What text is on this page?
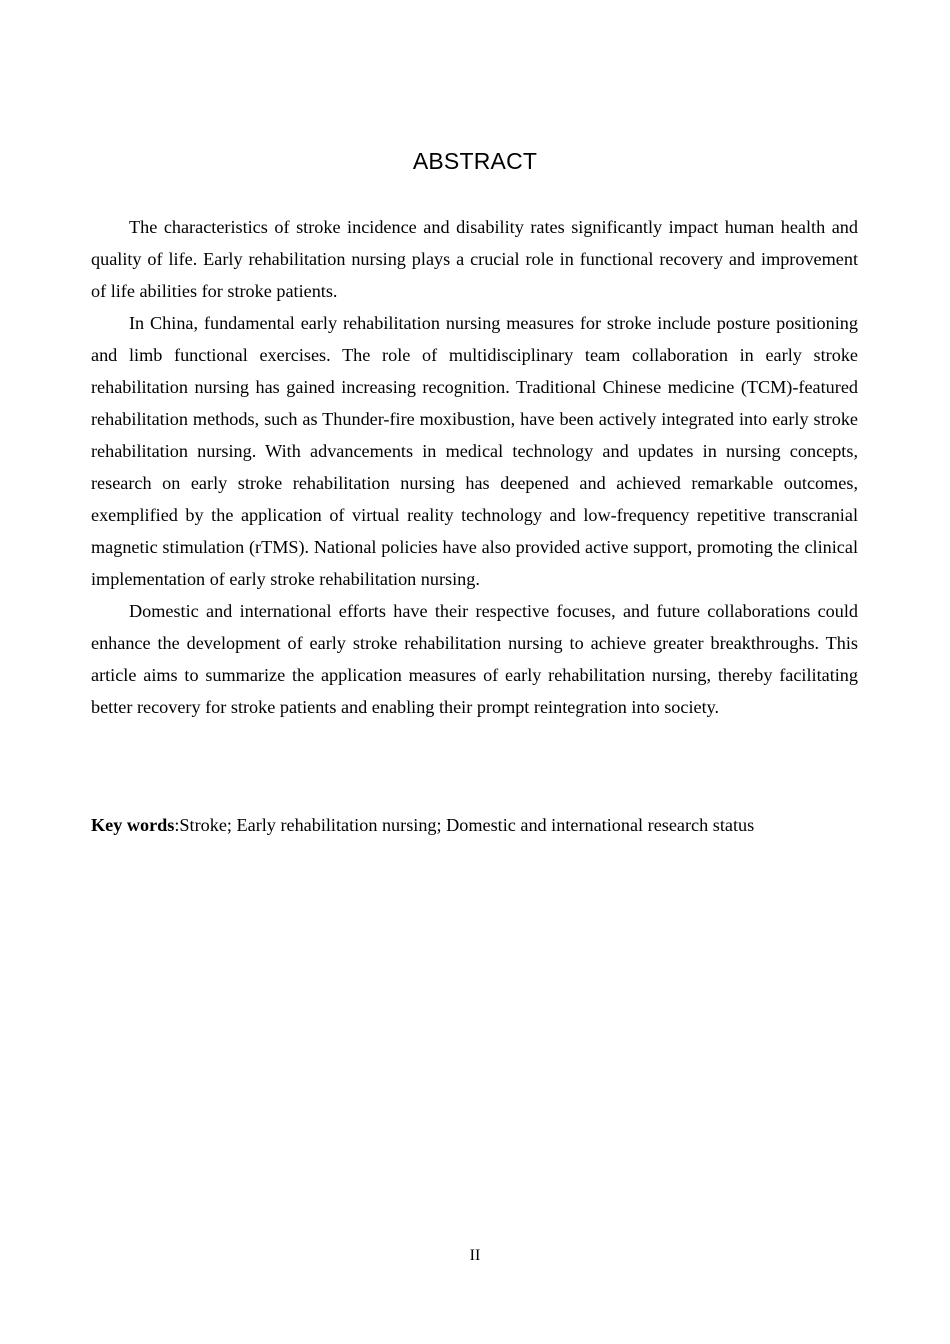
ABSTRACT

The characteristics of stroke incidence and disability rates significantly impact human health and quality of life. Early rehabilitation nursing plays a crucial role in functional recovery and improvement of life abilities for stroke patients.

In China, fundamental early rehabilitation nursing measures for stroke include posture positioning and limb functional exercises. The role of multidisciplinary team collaboration in early stroke rehabilitation nursing has gained increasing recognition. Traditional Chinese medicine (TCM)-featured rehabilitation methods, such as Thunder-fire moxibustion, have been actively integrated into early stroke rehabilitation nursing. With advancements in medical technology and updates in nursing concepts, research on early stroke rehabilitation nursing has deepened and achieved remarkable outcomes, exemplified by the application of virtual reality technology and low-frequency repetitive transcranial magnetic stimulation (rTMS). National policies have also provided active support, promoting the clinical implementation of early stroke rehabilitation nursing.

Domestic and international efforts have their respective focuses, and future collaborations could enhance the development of early stroke rehabilitation nursing to achieve greater breakthroughs. This article aims to summarize the application measures of early rehabilitation nursing, thereby facilitating better recovery for stroke patients and enabling their prompt reintegration into society.

Key words:Stroke; Early rehabilitation nursing; Domestic and international research status
II
